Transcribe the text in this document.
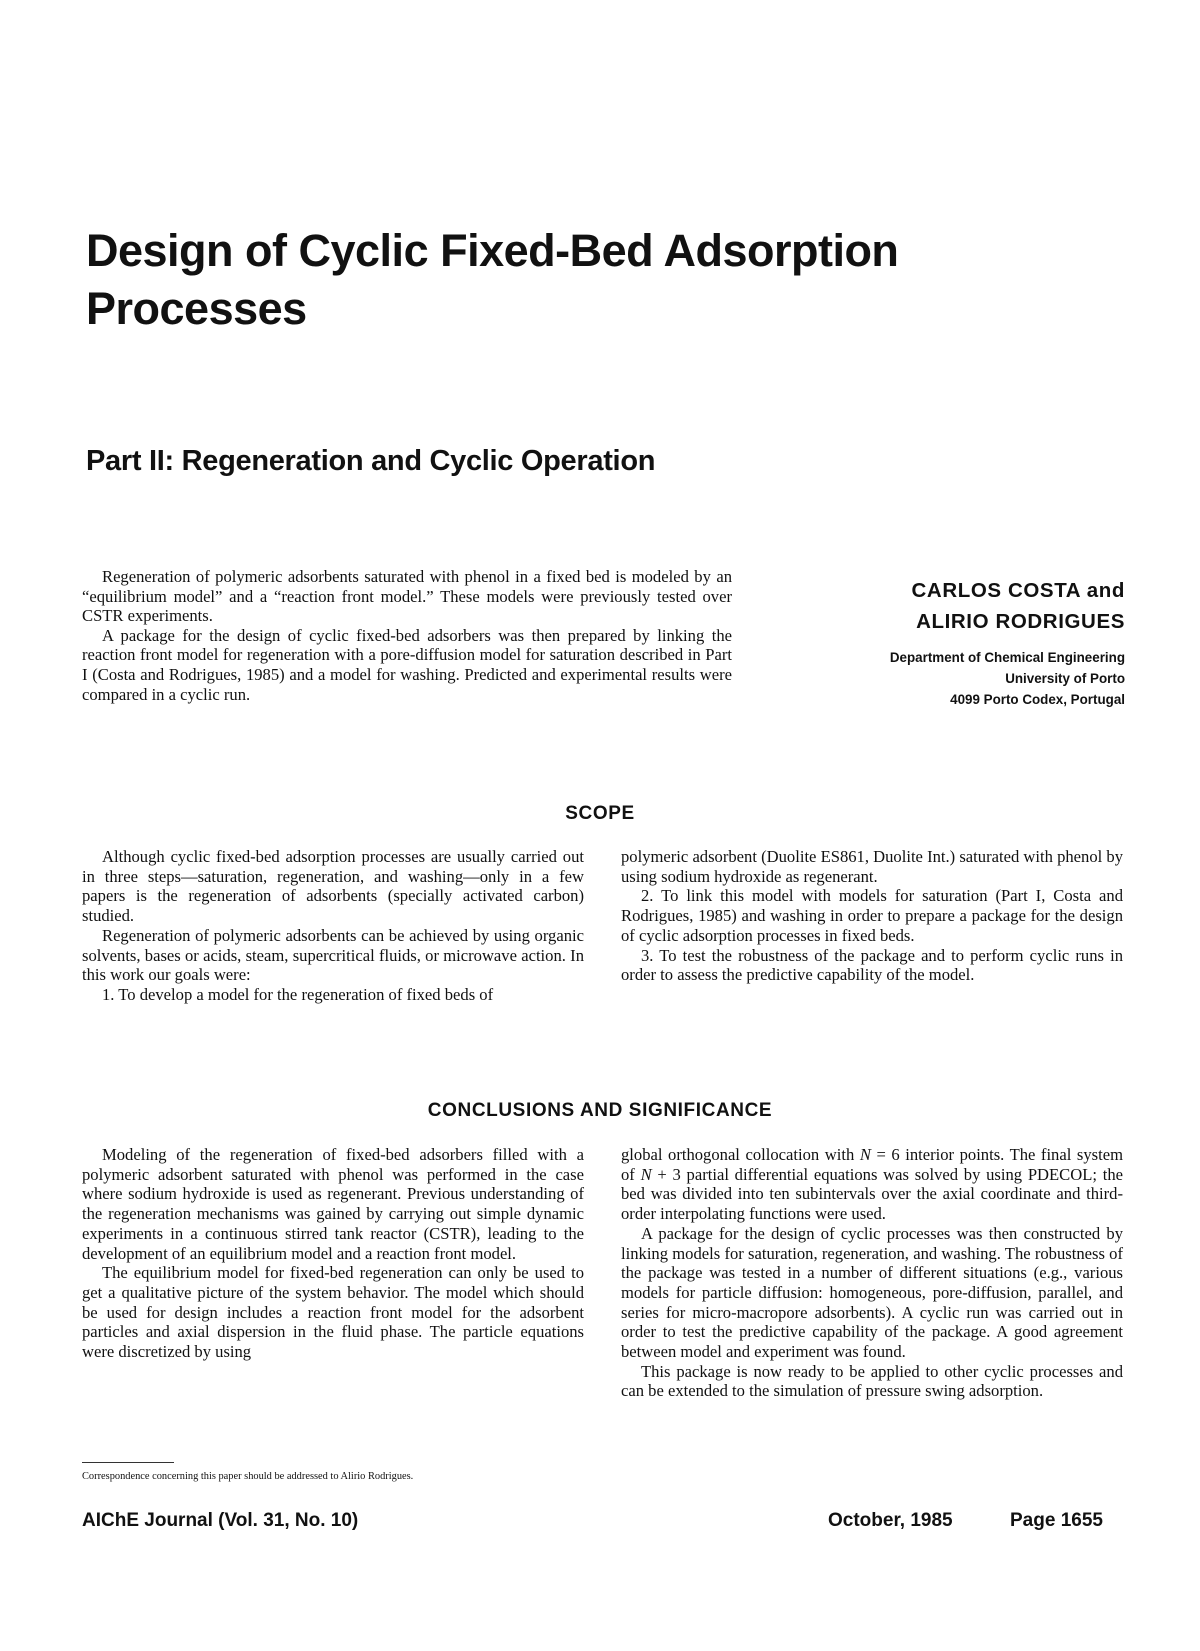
Design of Cyclic Fixed-Bed Adsorption Processes
Part II: Regeneration and Cyclic Operation

Regeneration of polymeric adsorbents saturated with phenol in a fixed bed is modeled by an “equilibrium model” and a “reaction front model.” These models were previously tested over CSTR experiments.

A package for the design of cyclic fixed-bed adsorbers was then prepared by linking the reaction front model for regeneration with a pore-diffusion model for saturation described in Part I (Costa and Rodrigues, 1985) and a model for washing. Predicted and experimental results were compared in a cyclic run.

CARLOS COSTA and
ALIRIO RODRIGUES
Department of Chemical Engineering
University of Porto
4099 Porto Codex, Portugal
SCOPE

Although cyclic fixed-bed adsorption processes are usually carried out in three steps—saturation, regeneration, and washing—only in a few papers is the regeneration of adsorbents (specially activated carbon) studied.

Regeneration of polymeric adsorbents can be achieved by using organic solvents, bases or acids, steam, supercritical fluids, or microwave action. In this work our goals were:

1. To develop a model for the regeneration of fixed beds of

polymeric adsorbent (Duolite ES861, Duolite Int.) saturated with phenol by using sodium hydroxide as regenerant.

2. To link this model with models for saturation (Part I, Costa and Rodrigues, 1985) and washing in order to prepare a package for the design of cyclic adsorption processes in fixed beds.

3. To test the robustness of the package and to perform cyclic runs in order to assess the predictive capability of the model.

CONCLUSIONS AND SIGNIFICANCE

Modeling of the regeneration of fixed-bed adsorbers filled with a polymeric adsorbent saturated with phenol was performed in the case where sodium hydroxide is used as regenerant. Previous understanding of the regeneration mechanisms was gained by carrying out simple dynamic experiments in a continuous stirred tank reactor (CSTR), leading to the development of an equilibrium model and a reaction front model.

The equilibrium model for fixed-bed regeneration can only be used to get a qualitative picture of the system behavior. The model which should be used for design includes a reaction front model for the adsorbent particles and axial dispersion in the fluid phase. The particle equations were discretized by using

global orthogonal collocation with N = 6 interior points. The final system of N + 3 partial differential equations was solved by using PDECOL; the bed was divided into ten subintervals over the axial coordinate and third-order interpolating functions were used.

A package for the design of cyclic processes was then constructed by linking models for saturation, regeneration, and washing. The robustness of the package was tested in a number of different situations (e.g., various models for particle diffusion: homogeneous, pore-diffusion, parallel, and series for micro-macropore adsorbents). A cyclic run was carried out in order to test the predictive capability of the package. A good agreement between model and experiment was found.

This package is now ready to be applied to other cyclic processes and can be extended to the simulation of pressure swing adsorption.

Correspondence concerning this paper should be addressed to Alirio Rodrigues.
AIChE Journal (Vol. 31, No. 10)	October, 1985	Page 1655
